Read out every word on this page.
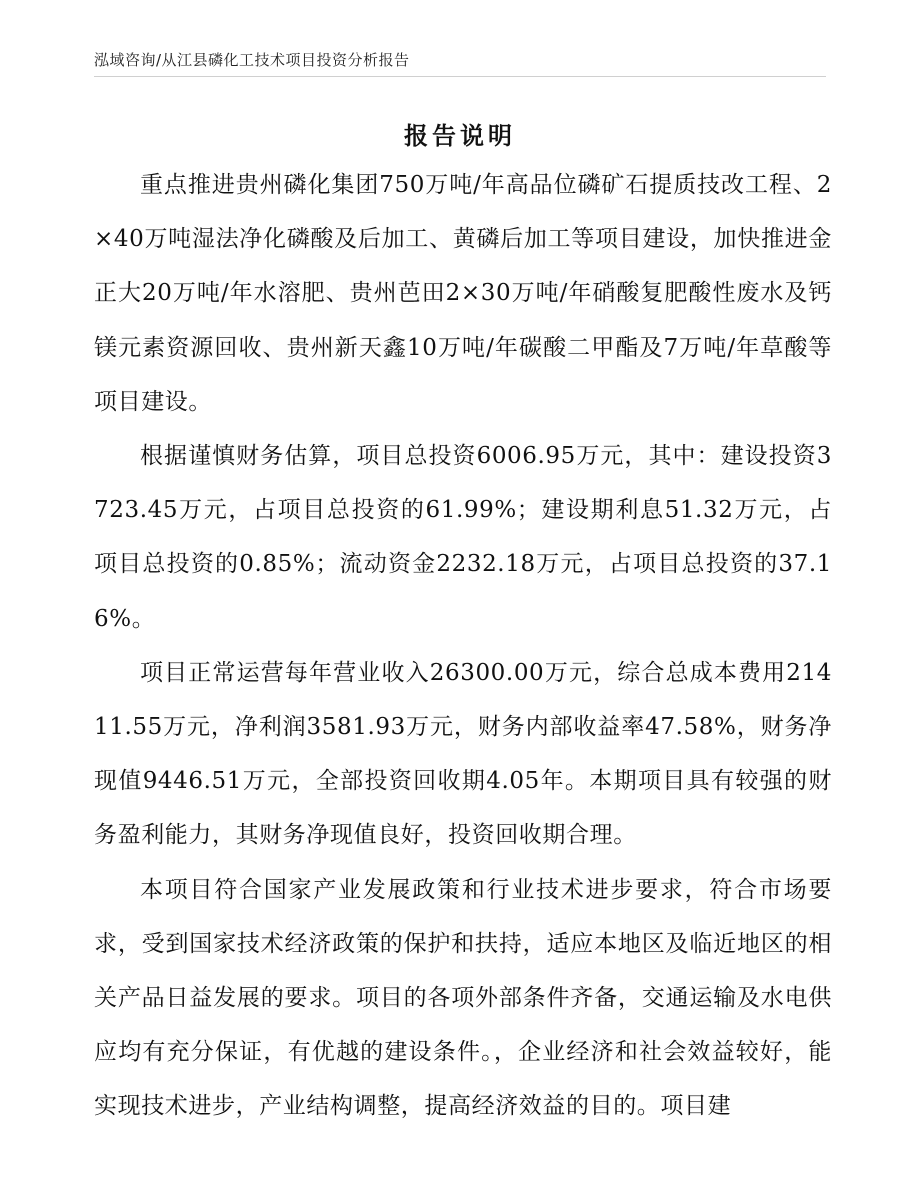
泓域咨询/从江县磷化工技术项目投资分析报告
报告说明

重点推进贵州磷化集团750万吨/年高品位磷矿石提质技改工程、2×40万吨湿法净化磷酸及后加工、黄磷后加工等项目建设，加快推进金正大20万吨/年水溶肥、贵州芭田2×30万吨/年硝酸复肥酸性废水及钙镁元素资源回收、贵州新天鑫10万吨/年碳酸二甲酯及7万吨/年草酸等项目建设。

根据谨慎财务估算，项目总投资6006.95万元，其中：建设投资3723.45万元，占项目总投资的61.99%；建设期利息51.32万元，占项目总投资的0.85%；流动资金2232.18万元，占项目总投资的37.16%。

项目正常运营每年营业收入26300.00万元，综合总成本费用21411.55万元，净利润3581.93万元，财务内部收益率47.58%，财务净现值9446.51万元，全部投资回收期4.05年。本期项目具有较强的财务盈利能力，其财务净现值良好，投资回收期合理。

本项目符合国家产业发展政策和行业技术进步要求，符合市场要求，受到国家技术经济政策的保护和扶持，适应本地区及临近地区的相关产品日益发展的要求。项目的各项外部条件齐备，交通运输及水电供应均有充分保证，有优越的建设条件。，企业经济和社会效益较好，能实现技术进步，产业结构调整，提高经济效益的目的。项目建
